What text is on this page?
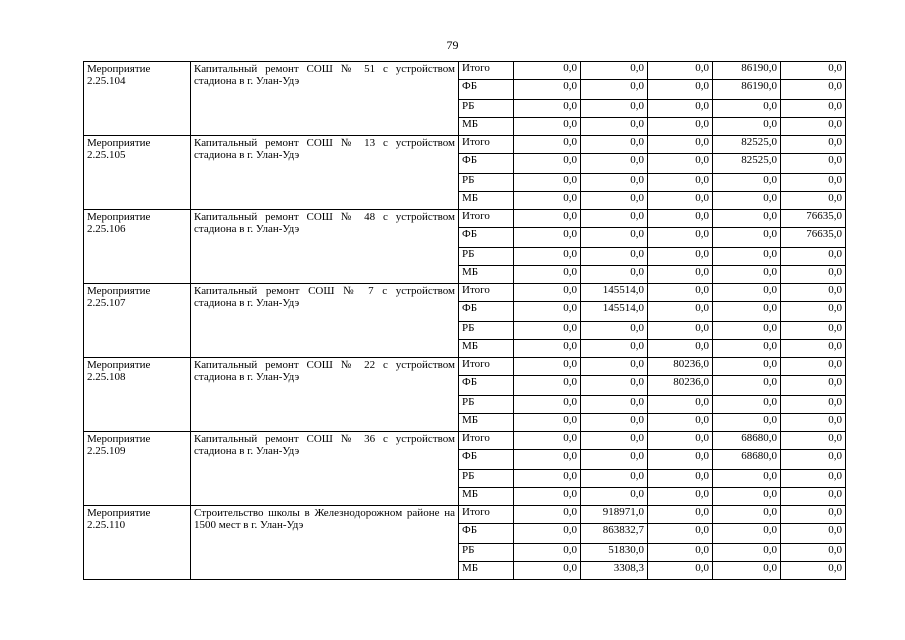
79
Мероприятие 2.25.104	Капитальный ремонт СОШ № 51 с устройством стадиона в г. Улан-Удэ	Итого	0,0	0,0	0,0	86190,0	0,0
		ФБ	0,0	0,0	0,0	86190,0	0,0
		РБ	0,0	0,0	0,0	0,0	0,0
		МБ	0,0	0,0	0,0	0,0	0,0
Мероприятие 2.25.105	Капитальный ремонт СОШ № 13 с устройством стадиона в г. Улан-Удэ	Итого	0,0	0,0	0,0	82525,0	0,0
		ФБ	0,0	0,0	0,0	82525,0	0,0
		РБ	0,0	0,0	0,0	0,0	0,0
		МБ	0,0	0,0	0,0	0,0	0,0
Мероприятие 2.25.106	Капитальный ремонт СОШ № 48 с устройством стадиона в г. Улан-Удэ	Итого	0,0	0,0	0,0	0,0	76635,0
		ФБ	0,0	0,0	0,0	0,0	76635,0
		РБ	0,0	0,0	0,0	0,0	0,0
		МБ	0,0	0,0	0,0	0,0	0,0
Мероприятие 2.25.107	Капитальный ремонт СОШ № 7 с устройством стадиона в г. Улан-Удэ	Итого	0,0	145514,0	0,0	0,0	0,0
		ФБ	0,0	145514,0	0,0	0,0	0,0
		РБ	0,0	0,0	0,0	0,0	0,0
		МБ	0,0	0,0	0,0	0,0	0,0
Мероприятие 2.25.108	Капитальный ремонт СОШ № 22 с устройством стадиона в г. Улан-Удэ	Итого	0,0	0,0	80236,0	0,0	0,0
		ФБ	0,0	0,0	80236,0	0,0	0,0
		РБ	0,0	0,0	0,0	0,0	0,0
		МБ	0,0	0,0	0,0	0,0	0,0
Мероприятие 2.25.109	Капитальный ремонт СОШ № 36 с устройством стадиона в г. Улан-Удэ	Итого	0,0	0,0	0,0	68680,0	0,0
		ФБ	0,0	0,0	0,0	68680,0	0,0
		РБ	0,0	0,0	0,0	0,0	0,0
		МБ	0,0	0,0	0,0	0,0	0,0
Мероприятие 2.25.110	Строительство школы в Железнодорожном районе на 1500 мест в г. Улан-Удэ	Итого	0,0	918971,0	0,0	0,0	0,0
		ФБ	0,0	863832,7	0,0	0,0	0,0
		РБ	0,0	51830,0	0,0	0,0	0,0
		МБ	0,0	3308,3	0,0	0,0	0,0
